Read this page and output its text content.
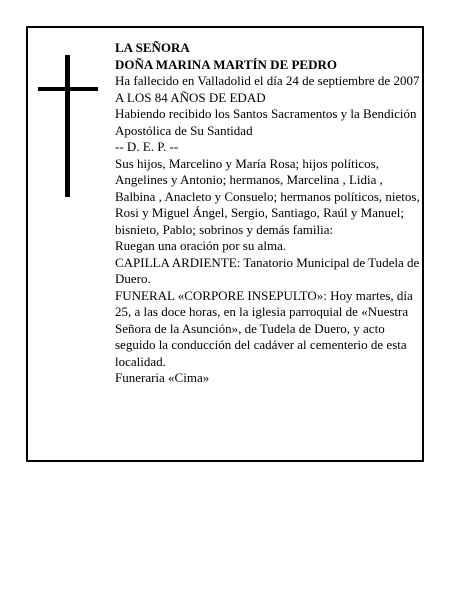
LA SEÑORA

DOÑA MARINA MARTÍN DE PEDRO

Ha fallecido en Valladolid el día 24 de septiembre de 2007

A LOS 84 AÑOS DE EDAD

Habiendo recibido los Santos Sacramentos y la Bendición Apostólica de Su Santidad

-- D. E. P. --

Sus hijos, Marcelino y María Rosa; hijos políticos, Angelines y Antonio; hermanos, Marcelina , Lidia , Balbina , Anacleto y Consuelo; hermanos políticos, nietos, Rosi y Miguel Ángel, Sergio, Santiago, Raúl y Manuel; bisnieto, Pablo; sobrinos y demás familia:

Ruegan una oración por su alma.

CAPILLA ARDIENTE: Tanatorio Municipal de Tudela de Duero.

FUNERAL «CORPORE INSEPULTO»: Hoy martes, día 25, a las doce horas, en la iglesia parroquial de «Nuestra Señora de la Asunción», de Tudela de Duero, y acto seguido la conducción del cadáver al cementerio de esta localidad.

Funeraria «Cima»
